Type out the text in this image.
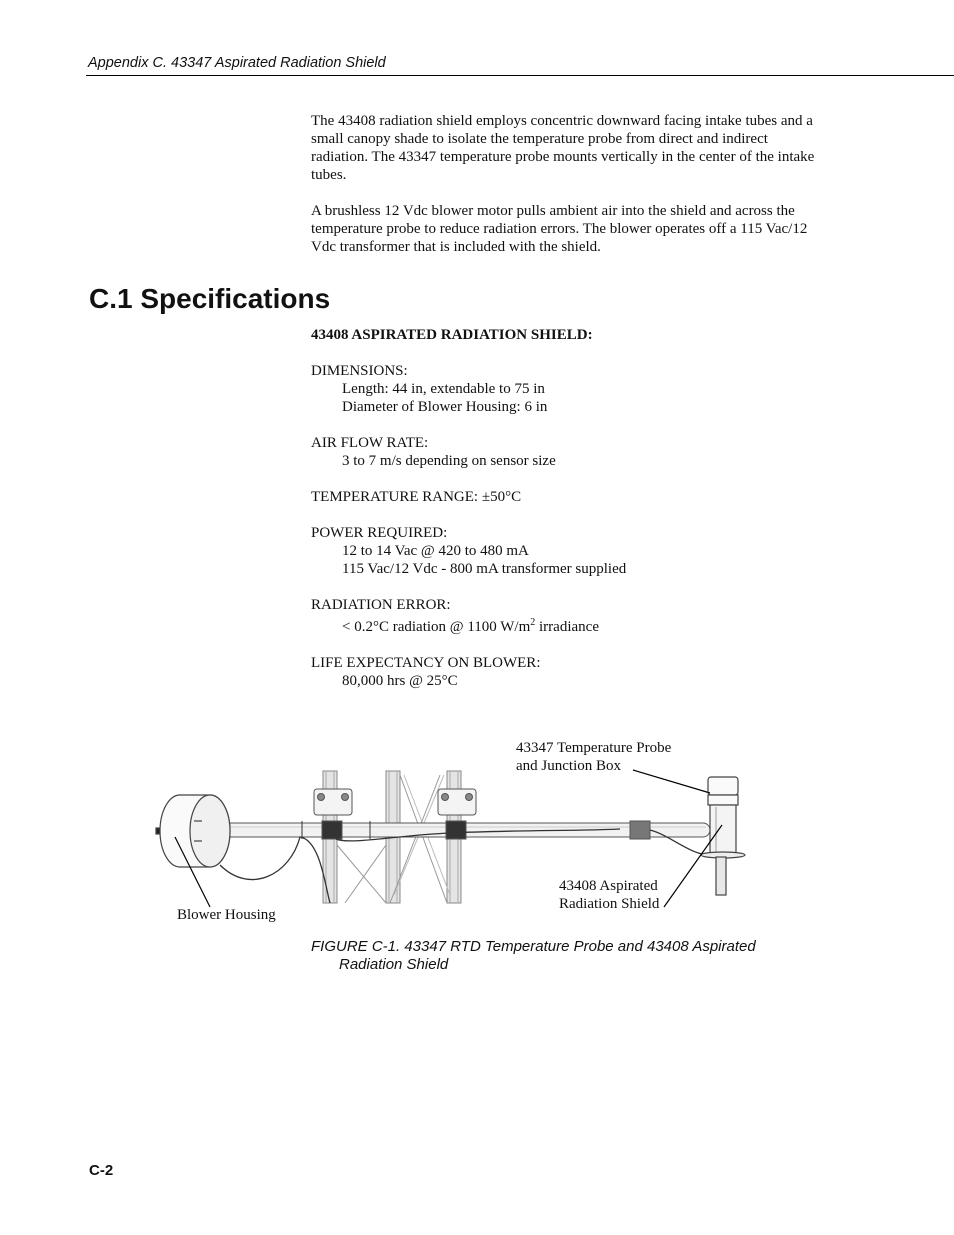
Appendix C. 43347 Aspirated Radiation Shield
The 43408 radiation shield employs concentric downward facing intake tubes and a small canopy shade to isolate the temperature probe from direct and indirect radiation. The 43347 temperature probe mounts vertically in the center of the intake tubes.
A brushless 12 Vdc blower motor pulls ambient air into the shield and across the temperature probe to reduce radiation errors. The blower operates off a 115 Vac/12 Vdc transformer that is included with the shield.
C.1 Specifications
43408 ASPIRATED RADIATION SHIELD:
DIMENSIONS:
Length: 44 in, extendable to 75 in
Diameter of Blower Housing: 6 in
AIR FLOW RATE:
3 to 7 m/s depending on sensor size
TEMPERATURE RANGE: ±50°C
POWER REQUIRED:
12 to 14 Vac @ 420 to 480 mA
115 Vac/12 Vdc - 800 mA transformer supplied
RADIATION ERROR:
< 0.2°C radiation @ 1100 $W/m^2$ irradiance
LIFE EXPECTANCY ON BLOWER:
80,000 hrs @ 25°C
43347 Temperature Probe
and Junction Box
Blower Housing
43408 Aspirated
Radiation Shield
FIGURE C-1. 43347 RTD Temperature Probe and 43408 Aspirated
Radiation Shield
C-2
